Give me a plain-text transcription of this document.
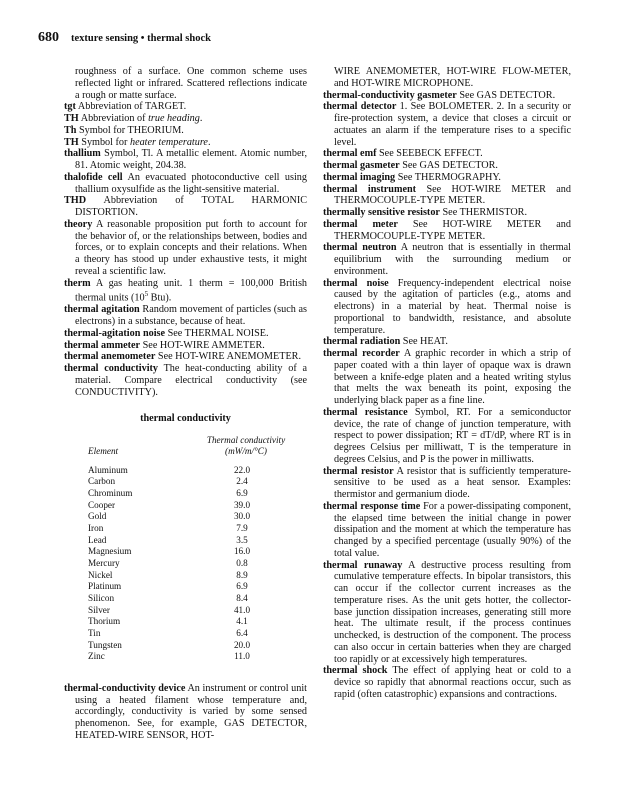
680 texture sensing • thermal shock

roughness of a surface. One common scheme uses reflected light or infrared. Scattered reflections indicate a rough or matte surface.

tgt Abbreviation of TARGET.

TH Abbreviation of true heading.

Th Symbol for THEORIUM.

TH Symbol for heater temperature.

thallium Symbol, Tl. A metallic element. Atomic number, 81. Atomic weight, 204.38.

thalofide cell An evacuated photoconductive cell using thallium oxysulfide as the light-sensitive material.

THD Abbreviation of TOTAL HARMONIC DISTORTION.

theory A reasonable proposition put forth to account for the behavior of, or the relationships between, bodies and forces, or to explain concepts and their relations. When a theory has stood up under exhaustive tests, it might reveal a scientific law.

therm A gas heating unit. 1 therm = 100,000 British thermal units ($10^5$ Btu).

thermal agitation Random movement of particles (such as electrons) in a substance, because of heat.

thermal-agitation noise See THERMAL NOISE.

thermal ammeter See HOT-WIRE AMMETER.

thermal anemometer See HOT-WIRE ANEMOMETER.

thermal conductivity The heat-conducting ability of a material. Compare electrical conductivity (see CONDUCTIVITY).

thermal conductivity
Element
Thermal conductivity
(mW/m/°C)
Aluminum	22.0
Carbon	2.4
Chrominum	6.9
Cooper	39.0
Gold	30.0
Iron	7.9
Lead	3.5
Magnesium	16.0
Mercury	0.8
Nickel	8.9
Platinum	6.9
Silicon	8.4
Silver	41.0
Thorium	4.1
Tin	6.4
Tungsten	20.0
Zinc	11.0

thermal-conductivity device An instrument or control unit using a heated filament whose temperature and, accordingly, conductivity is varied by some sensed phenomenon. See, for example, GAS DETECTOR, HEATED-WIRE SENSOR, HOT-

WIRE ANEMOMETER, HOT-WIRE FLOW-METER, and HOT-WIRE MICROPHONE.

thermal-conductivity gasmeter See GAS DETECTOR.

thermal detector 1. See BOLOMETER. 2. In a security or fire-protection system, a device that closes a circuit or actuates an alarm if the temperature rises to a specific level.

thermal emf See SEEBECK EFFECT.

thermal gasmeter See GAS DETECTOR.

thermal imaging See THERMOGRAPHY.

thermal instrument See HOT-WIRE METER and THERMOCOUPLE-TYPE METER.

thermally sensitive resistor See THERMISTOR.

thermal meter See HOT-WIRE METER and THERMOCOUPLE-TYPE METER.

thermal neutron A neutron that is essentially in thermal equilibrium with the surrounding medium or environment.

thermal noise Frequency-independent electrical noise caused by the agitation of particles (e.g., atoms and electrons) in a material by heat. Thermal noise is proportional to bandwidth, resistance, and absolute temperature.

thermal radiation See HEAT.

thermal recorder A graphic recorder in which a strip of paper coated with a thin layer of opaque wax is drawn between a knife-edge platen and a heated writing stylus that melts the wax beneath its point, exposing the underlying black paper as a fine line.

thermal resistance Symbol, RT. For a semiconductor device, the rate of change of junction temperature, with respect to power dissipation; RT = dT/dP, where RT is in degrees Celsius per milliwatt, T is the temperature in degrees Celsius, and P is the power in milliwatts.

thermal resistor A resistor that is sufficiently temperature-sensitive to be used as a heat sensor. Examples: thermistor and germanium diode.

thermal response time For a power-dissipating component, the elapsed time between the initial change in power dissipation and the moment at which the temperature has changed by a specified percentage (usually 90%) of the total value.

thermal runaway A destructive process resulting from cumulative temperature effects. In bipolar transistors, this can occur if the collector current increases as the temperature rises. As the unit gets hotter, the collector-base junction dissipation increases, generating still more heat. The ultimate result, if the process continues unchecked, is destruction of the component. The process can also occur in certain batteries when they are charged too rapidly or at excessively high temperatures.

thermal shock The effect of applying heat or cold to a device so rapidly that abnormal reactions occur, such as rapid (often catastrophic) expansions and contractions.
